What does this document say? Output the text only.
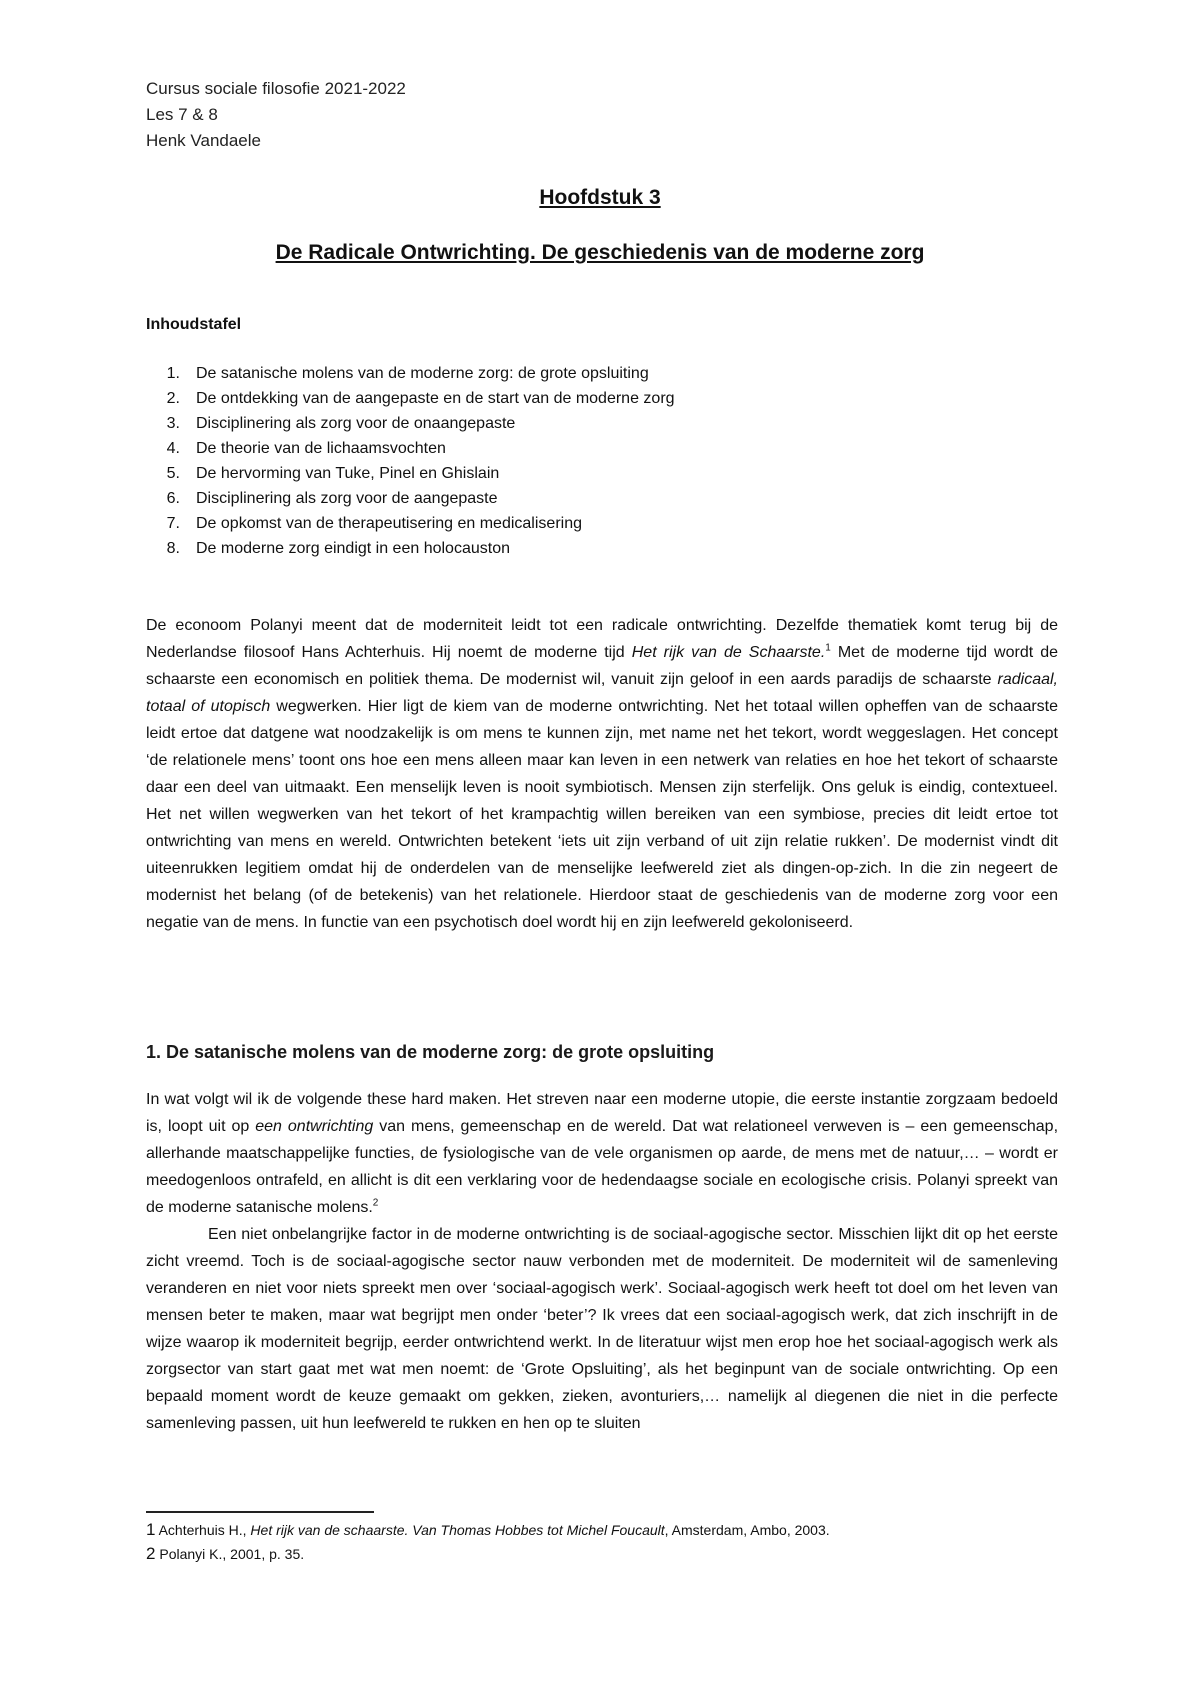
Cursus sociale filosofie 2021-2022
Les 7 & 8
Henk Vandaele
Hoofdstuk 3
De Radicale Ontwrichting. De geschiedenis van de moderne zorg
Inhoudstafel
1.	De satanische molens van de moderne zorg: de grote opsluiting
2.	De ontdekking van de aangepaste en de start van de moderne zorg
3.	Disciplinering als zorg voor de onaangepaste
4.	De theorie van de lichaamsvochten
5.	De hervorming van Tuke, Pinel en Ghislain
6.	Disciplinering als zorg voor de aangepaste
7.	De opkomst van de therapeutisering en medicalisering
8.	De moderne zorg eindigt in een holocauston

De econoom Polanyi meent dat de moderniteit leidt tot een radicale ontwrichting. Dezelfde thematiek komt terug bij de Nederlandse filosoof Hans Achterhuis. Hij noemt de moderne tijd Het rijk van de Schaarste.$^1$ Met de moderne tijd wordt de schaarste een economisch en politiek thema. De modernist wil, vanuit zijn geloof in een aards paradijs de schaarste radicaal, totaal of utopisch wegwerken. Hier ligt de kiem van de moderne ontwrichting. Net het totaal willen opheffen van de schaarste leidt ertoe dat datgene wat noodzakelijk is om mens te kunnen zijn, met name net het tekort, wordt weggeslagen. Het concept ‘de relationele mens’ toont ons hoe een mens alleen maar kan leven in een netwerk van relaties en hoe het tekort of schaarste daar een deel van uitmaakt. Een menselijk leven is nooit symbiotisch. Mensen zijn sterfelijk. Ons geluk is eindig, contextueel. Het net willen wegwerken van het tekort of het krampachtig willen bereiken van een symbiose, precies dit leidt ertoe tot ontwrichting van mens en wereld. Ontwrichten betekent ‘iets uit zijn verband of uit zijn relatie rukken’. De modernist vindt dit uiteenrukken legitiem omdat hij de onderdelen van de menselijke leefwereld ziet als dingen-op-zich. In die zin negeert de modernist het belang (of de betekenis) van het relationele. Hierdoor staat de geschiedenis van de moderne zorg voor een negatie van de mens. In functie van een psychotisch doel wordt hij en zijn leefwereld gekoloniseerd.

1. De satanische molens van de moderne zorg: de grote opsluiting

In wat volgt wil ik de volgende these hard maken. Het streven naar een moderne utopie, die eerste instantie zorgzaam bedoeld is, loopt uit op een ontwrichting van mens, gemeenschap en de wereld. Dat wat relationeel verweven is – een gemeenschap, allerhande maatschappelijke functies, de fysiologische van de vele organismen op aarde, de mens met de natuur,… – wordt er meedogenloos ontrafeld, en allicht is dit een verklaring voor de hedendaagse sociale en ecologische crisis. Polanyi spreekt van de moderne satanische molens.$^2$

Een niet onbelangrijke factor in de moderne ontwrichting is de sociaal-agogische sector. Misschien lijkt dit op het eerste zicht vreemd. Toch is de sociaal-agogische sector nauw verbonden met de moderniteit. De moderniteit wil de samenleving veranderen en niet voor niets spreekt men over ‘sociaal-agogisch werk’. Sociaal-agogisch werk heeft tot doel om het leven van mensen beter te maken, maar wat begrijpt men onder ‘beter’? Ik vrees dat een sociaal-agogisch werk, dat zich inschrijft in de wijze waarop ik moderniteit begrijp, eerder ontwrichtend werkt. In de literatuur wijst men erop hoe het sociaal-agogisch werk als zorgsector van start gaat met wat men noemt: de ‘Grote Opsluiting’, als het beginpunt van de sociale ontwrichting. Op een bepaald moment wordt de keuze gemaakt om gekken, zieken, avonturiers,… namelijk al diegenen die niet in die perfecte samenleving passen, uit hun leefwereld te rukken en hen op te sluiten

1 Achterhuis H., Het rijk van de schaarste. Van Thomas Hobbes tot Michel Foucault, Amsterdam, Ambo, 2003.
2 Polanyi K., 2001, p. 35.
